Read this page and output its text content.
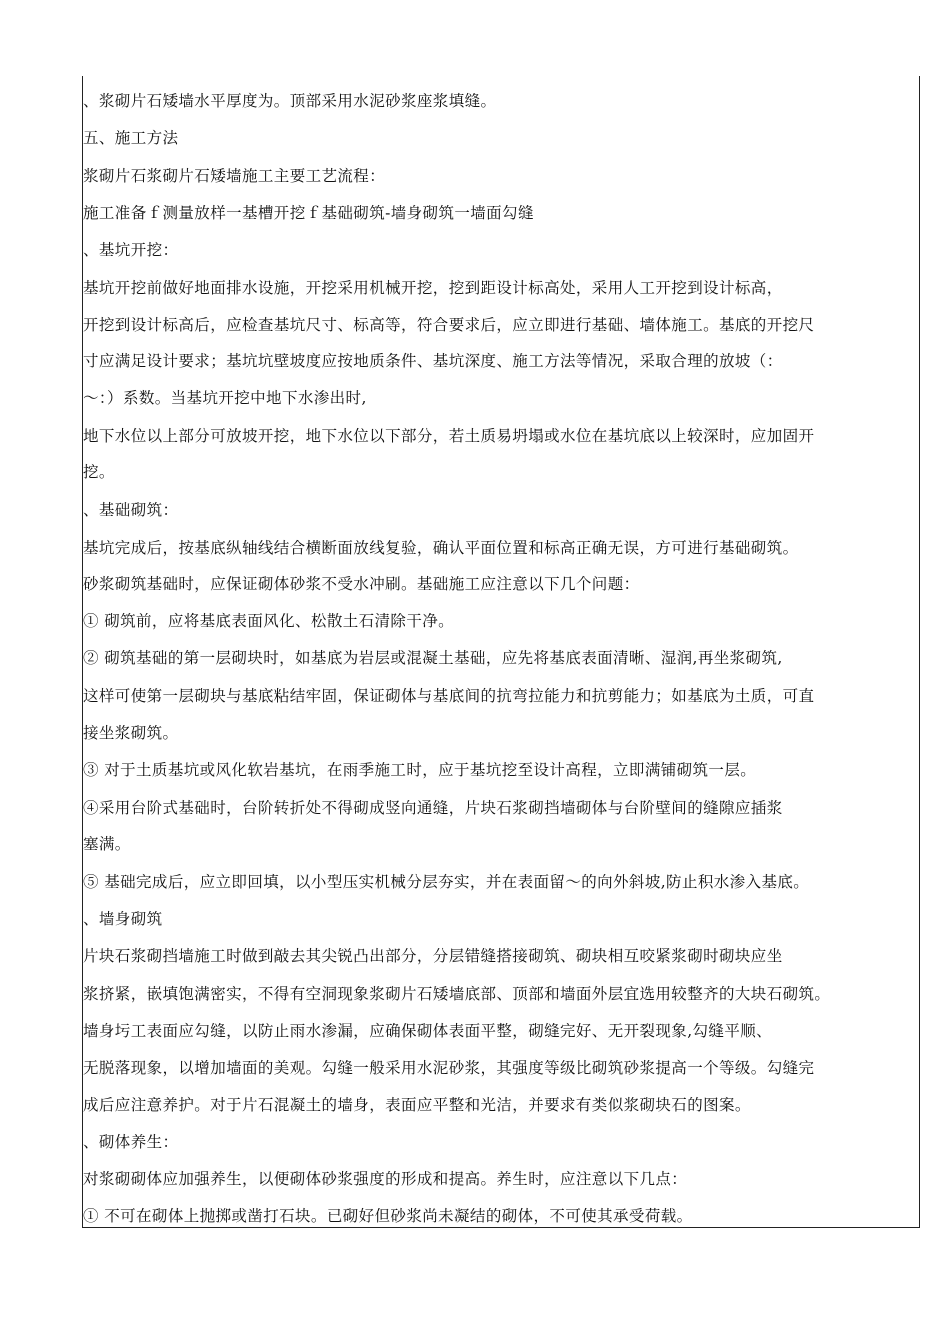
、浆砌片石矮墙水平厚度为。顶部采用水泥砂浆座浆填缝。
五、施工方法
浆砌片石浆砌片石矮墙施工主要工艺流程：
施工准备ｆ测量放样一基槽开挖ｆ基础砌筑-墙身砌筑一墙面勾缝
、基坑开挖：
基坑开挖前做好地面排水设施，开挖采用机械开挖，挖到距设计标高处，采用人工开挖到设计标高，
开挖到设计标高后，应检查基坑尺寸、标高等，符合要求后，应立即进行基础、墙体施工。基底的开挖尺
寸应满足设计要求；基坑坑壁坡度应按地质条件、基坑深度、施工方法等情况，采取合理的放坡（：
～：）系数。当基坑开挖中地下水渗出时,
地下水位以上部分可放坡开挖，地下水位以下部分，若土质易坍塌或水位在基坑底以上较深时，应加固开
挖。
、基础砌筑：
基坑完成后，按基底纵轴线结合横断面放线复验，确认平面位置和标高正确无误，方可进行基础砌筑。
砂浆砌筑基础时，应保证砌体砂浆不受水冲刷。基础施工应注意以下几个问题：
① 砌筑前，应将基底表面风化、松散土石清除干净。
② 砌筑基础的第一层砌块时，如基底为岩层或混凝土基础，应先将基底表面清晰、湿润,再坐浆砌筑,
这样可使第一层砌块与基底粘结牢固，保证砌体与基底间的抗弯拉能力和抗剪能力；如基底为土质，可直
接坐浆砌筑。
③ 对于土质基坑或风化软岩基坑，在雨季施工时，应于基坑挖至设计高程，立即满铺砌筑一层。
④采用台阶式基础时，台阶转折处不得砌成竖向通缝，片块石浆砌挡墙砌体与台阶壁间的缝隙应插浆
塞满。
⑤ 基础完成后，应立即回填，以小型压实机械分层夯实，并在表面留～的向外斜坡,防止积水渗入基底。
、墙身砌筑
片块石浆砌挡墙施工时做到敲去其尖锐凸出部分，分层错缝搭接砌筑、砌块相互咬紧浆砌时砌块应坐
浆挤紧，嵌填饱满密实，不得有空洞现象浆砌片石矮墙底部、顶部和墙面外层宜选用较整齐的大块石砌筑。
墙身圬工表面应勾缝，以防止雨水渗漏，应确保砌体表面平整，砌缝完好、无开裂现象,勾缝平顺、
无脱落现象，以增加墙面的美观。勾缝一般采用水泥砂浆，其强度等级比砌筑砂浆提高一个等级。勾缝完
成后应注意养护。对于片石混凝土的墙身，表面应平整和光洁，并要求有类似浆砌块石的图案。
、砌体养生：
对浆砌砌体应加强养生，以便砌体砂浆强度的形成和提高。养生时，应注意以下几点：
① 不可在砌体上抛掷或凿打石块。已砌好但砂浆尚未凝结的砌体，不可使其承受荷载。
